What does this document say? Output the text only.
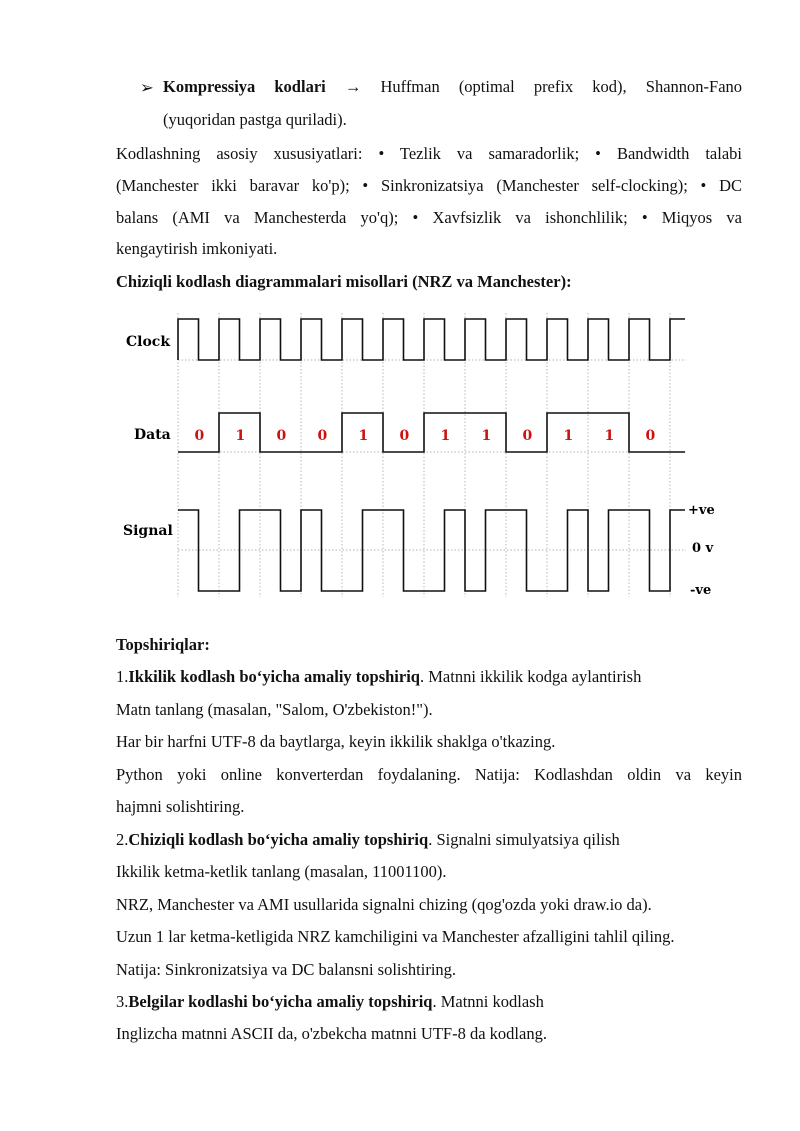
➢ Kompressiya kodlari → Huffman (optimal prefix kod), Shannon-Fano
(yuqoridan pastga quriladi).
Kodlashning asosiy xususiyatlari: • Tezlik va samaradorlik; • Bandwidth talabi
(Manchester ikki baravar ko'p); • Sinkronizatsiya (Manchester self-clocking); • DC
balans (AMI va Manchesterda yo'q); • Xavfsizlik va ishonchlilik; • Miqyos va
kengaytirish imkoniyati.
Chiziqli kodlash diagrammalari misollari (NRZ va Manchester):
0 1 0 0 1 0 1 1 0 1 1 0
Clock
Data
Signal
+ve
0 v
-ve
Topshiriqlar:
1.Ikkilik kodlash bo‘yicha amaliy topshiriq. Matnni ikkilik kodga aylantirish
Matn tanlang (masalan, "Salom, O'zbekiston!").
Har bir harfni UTF-8 da baytlarga, keyin ikkilik shaklga o'tkazing.
Python yoki online konverterdan foydalaning. Natija: Kodlashdan oldin va keyin
hajmni solishtiring.
2.Chiziqli kodlash bo‘yicha amaliy topshiriq. Signalni simulyatsiya qilish
Ikkilik ketma-ketlik tanlang (masalan, 11001100).
NRZ, Manchester va AMI usullarida signalni chizing (qog'ozda yoki draw.io da).
Uzun 1 lar ketma-ketligida NRZ kamchiligini va Manchester afzalligini tahlil qiling.
Natija: Sinkronizatsiya va DC balansni solishtiring.
3.Belgilar kodlashi bo‘yicha amaliy topshiriq. Matnni kodlash
Inglizcha matnni ASCII da, o'zbekcha matnni UTF-8 da kodlang.
